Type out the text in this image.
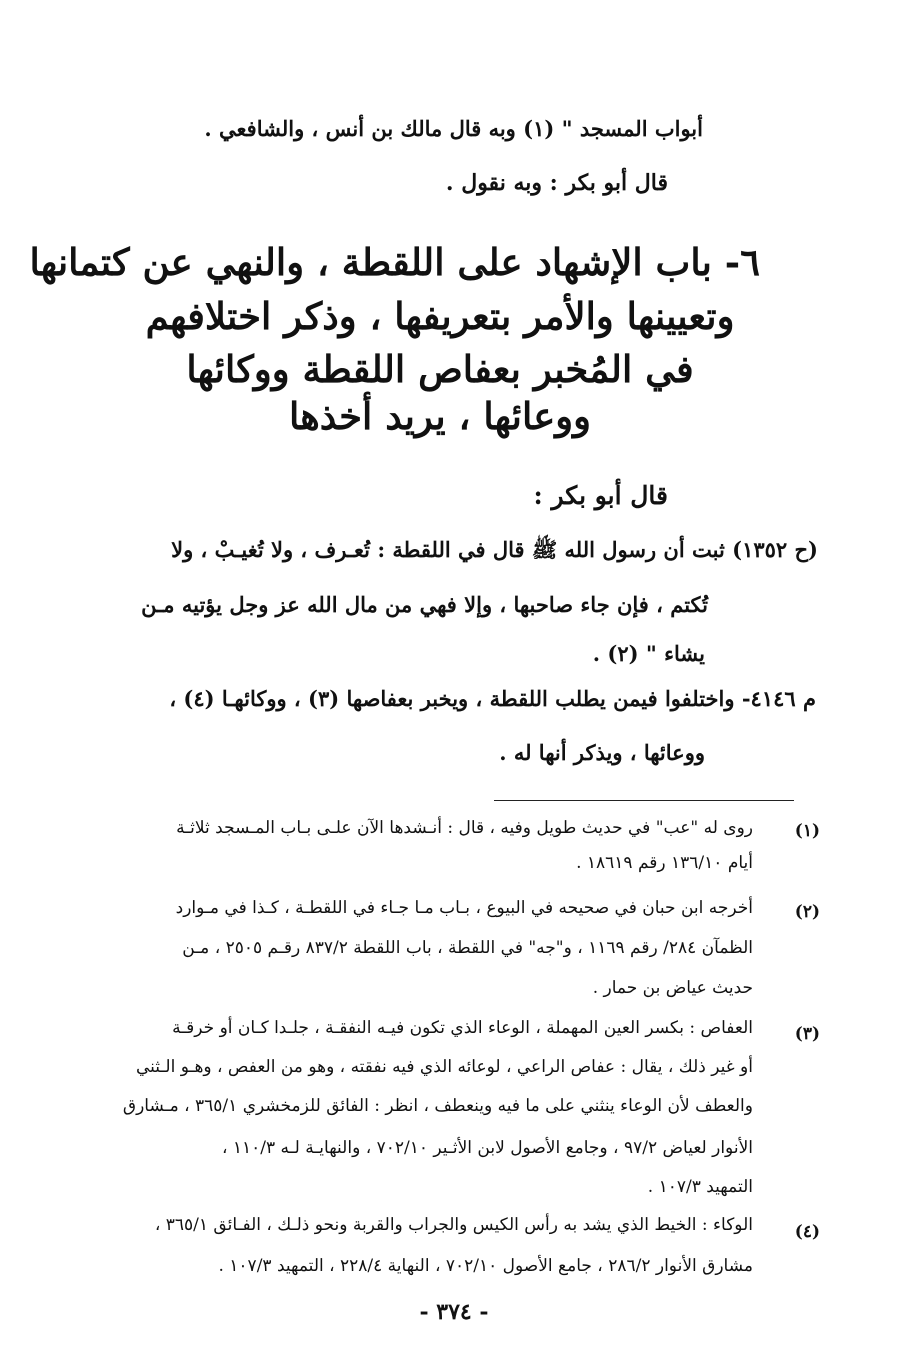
أبواب المسجد " (١) وبه قال مالك بن أنس ، والشافعي .
قال أبو بكر : وبه نقول .
٦- باب الإشهاد على اللقطة ، والنهي عن كتمانها
وتعيينها والأمر بتعريفها ، وذكر اختلافهم
في المُخبر بعفاص اللقطة ووكائها
ووعائها ، يريد أخذها
قال أبو بكر :
(ح ١٣٥٢) ثبت أن رسول الله ﷺ قال في اللقطة : تُعـرف ، ولا تُغيـبْ ، ولا
تُكتم ، فإن جاء صاحبها ، وإلا فهي من مال الله عز وجل يؤتيه مـن
يشاء " (٢) .
م ٤١٤٦- واختلفوا فيمن يطلب اللقطة ، ويخبر بعفاصها (٣) ، ووكائهـا (٤) ،
ووعائها ، ويذكر أنها له .
(١)
روى له "عب" في حديث طويل وفيه ، قال : أنـشدها الآن علـى بـاب المـسجد ثلاثـة
أيام ١٣٦/١٠ رقم ١٨٦١٩ .
(٢)
أخرجه ابن حبان في صحيحه في البيوع ، بـاب مـا جـاء في اللقطـة ، كـذا في مـوارد
الظمآن ٢٨٤/ رقم ١١٦٩ ، و"جه" في اللقطة ، باب اللقطة ٨٣٧/٢ رقـم ٢٥٠٥ ، مـن
حديث عياض بن حمار .
(٣)
العفاص : بكسر العين المهملة ، الوعاء الذي تكون فيـه النفقـة ، جلـدا كـان أو خرقـة
أو غير ذلك ، يقال : عفاص الراعي ، لوعائه الذي فيه نفقته ، وهو من العفص ، وهـو الـثني
والعطف لأن الوعاء ينثني على ما فيه وينعطف ، انظر : الفائق للزمخشري ٣٦٥/١ ، مـشارق
الأنوار لعياض ٩٧/٢ ، وجامع الأصول لابن الأثـير ٧٠٢/١٠ ، والنهايـة لـه ١١٠/٣ ،
التمهيد ١٠٧/٣ .
(٤)
الوكاء : الخيط الذي يشد به رأس الكيس والجراب والقربة ونحو ذلـك ، الفـائق ٣٦٥/١ ،
مشارق الأنوار ٢٨٦/٢ ، جامع الأصول ٧٠٢/١٠ ، النهاية ٢٢٨/٤ ، التمهيد ١٠٧/٣ .
- ٣٧٤ -
